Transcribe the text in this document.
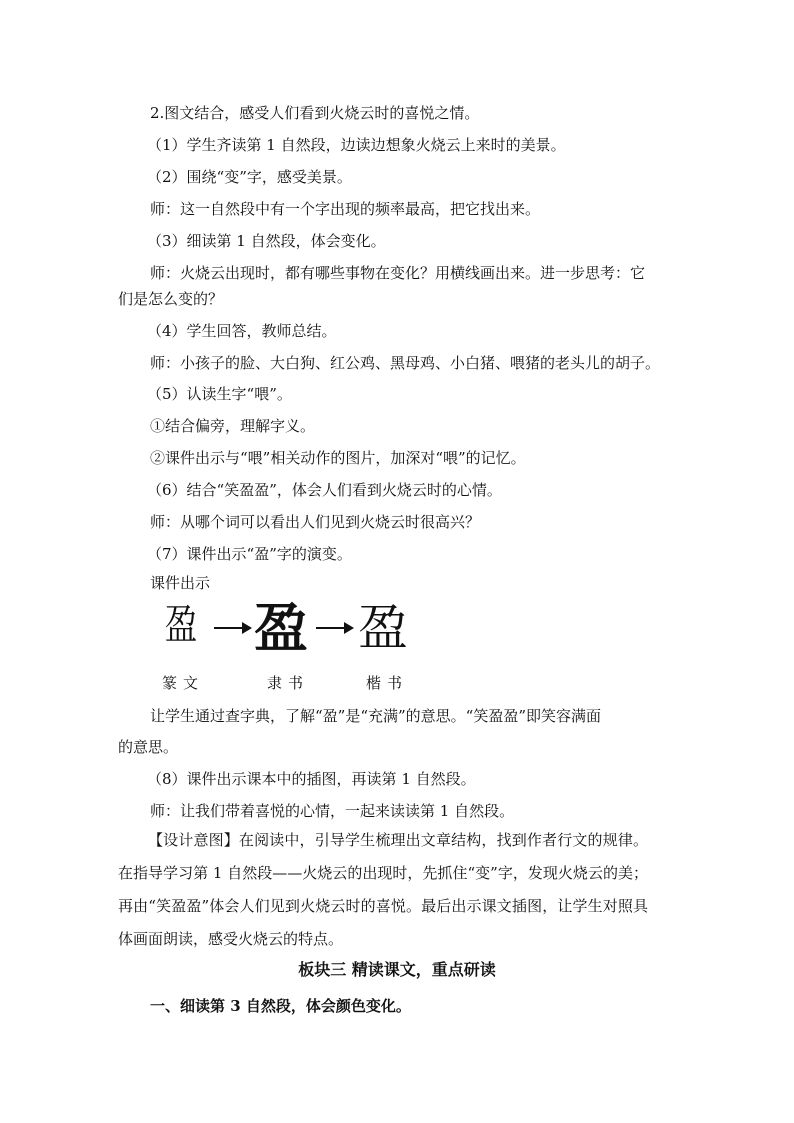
2.图文结合，感受人们看到火烧云时的喜悦之情。
（1）学生齐读第 1 自然段，边读边想象火烧云上来时的美景。
（2）围绕“变”字，感受美景。
师：这一自然段中有一个字出现的频率最高，把它找出来。
（3）细读第 1 自然段，体会变化。
师：火烧云出现时，都有哪些事物在变化？用横线画出来。进一步思考：它
们是怎么变的？
（4）学生回答，教师总结。
师：小孩子的脸、大白狗、红公鸡、黑母鸡、小白猪、喂猪的老头儿的胡子。
（5）认读生字“喂”。
①结合偏旁，理解字义。
②课件出示与“喂”相关动作的图片，加深对“喂”的记忆。
（6）结合“笑盈盈”，体会人们看到火烧云时的心情。
师：从哪个词可以看出人们见到火烧云时很高兴？
（7）课件出示“盈”字的演变。
课件出示
盈 盈 盈
篆文	隶书	楷书
让学生通过查字典，了解“盈”是“充满”的意思。“笑盈盈”即笑容满面
的意思。
（8）课件出示课本中的插图，再读第 1 自然段。
师：让我们带着喜悦的心情，一起来读读第 1 自然段。
【设计意图】在阅读中，引导学生梳理出文章结构，找到作者行文的规律。在指导学习第 1 自然段——火烧云的出现时，先抓住“变”字，发现火烧云的美；再由“笑盈盈”体会人们见到火烧云时的喜悦。最后出示课文插图，让学生对照具体画面朗读，感受火烧云的特点。
板块三 精读课文，重点研读
一、细读第 3 自然段，体会颜色变化。
